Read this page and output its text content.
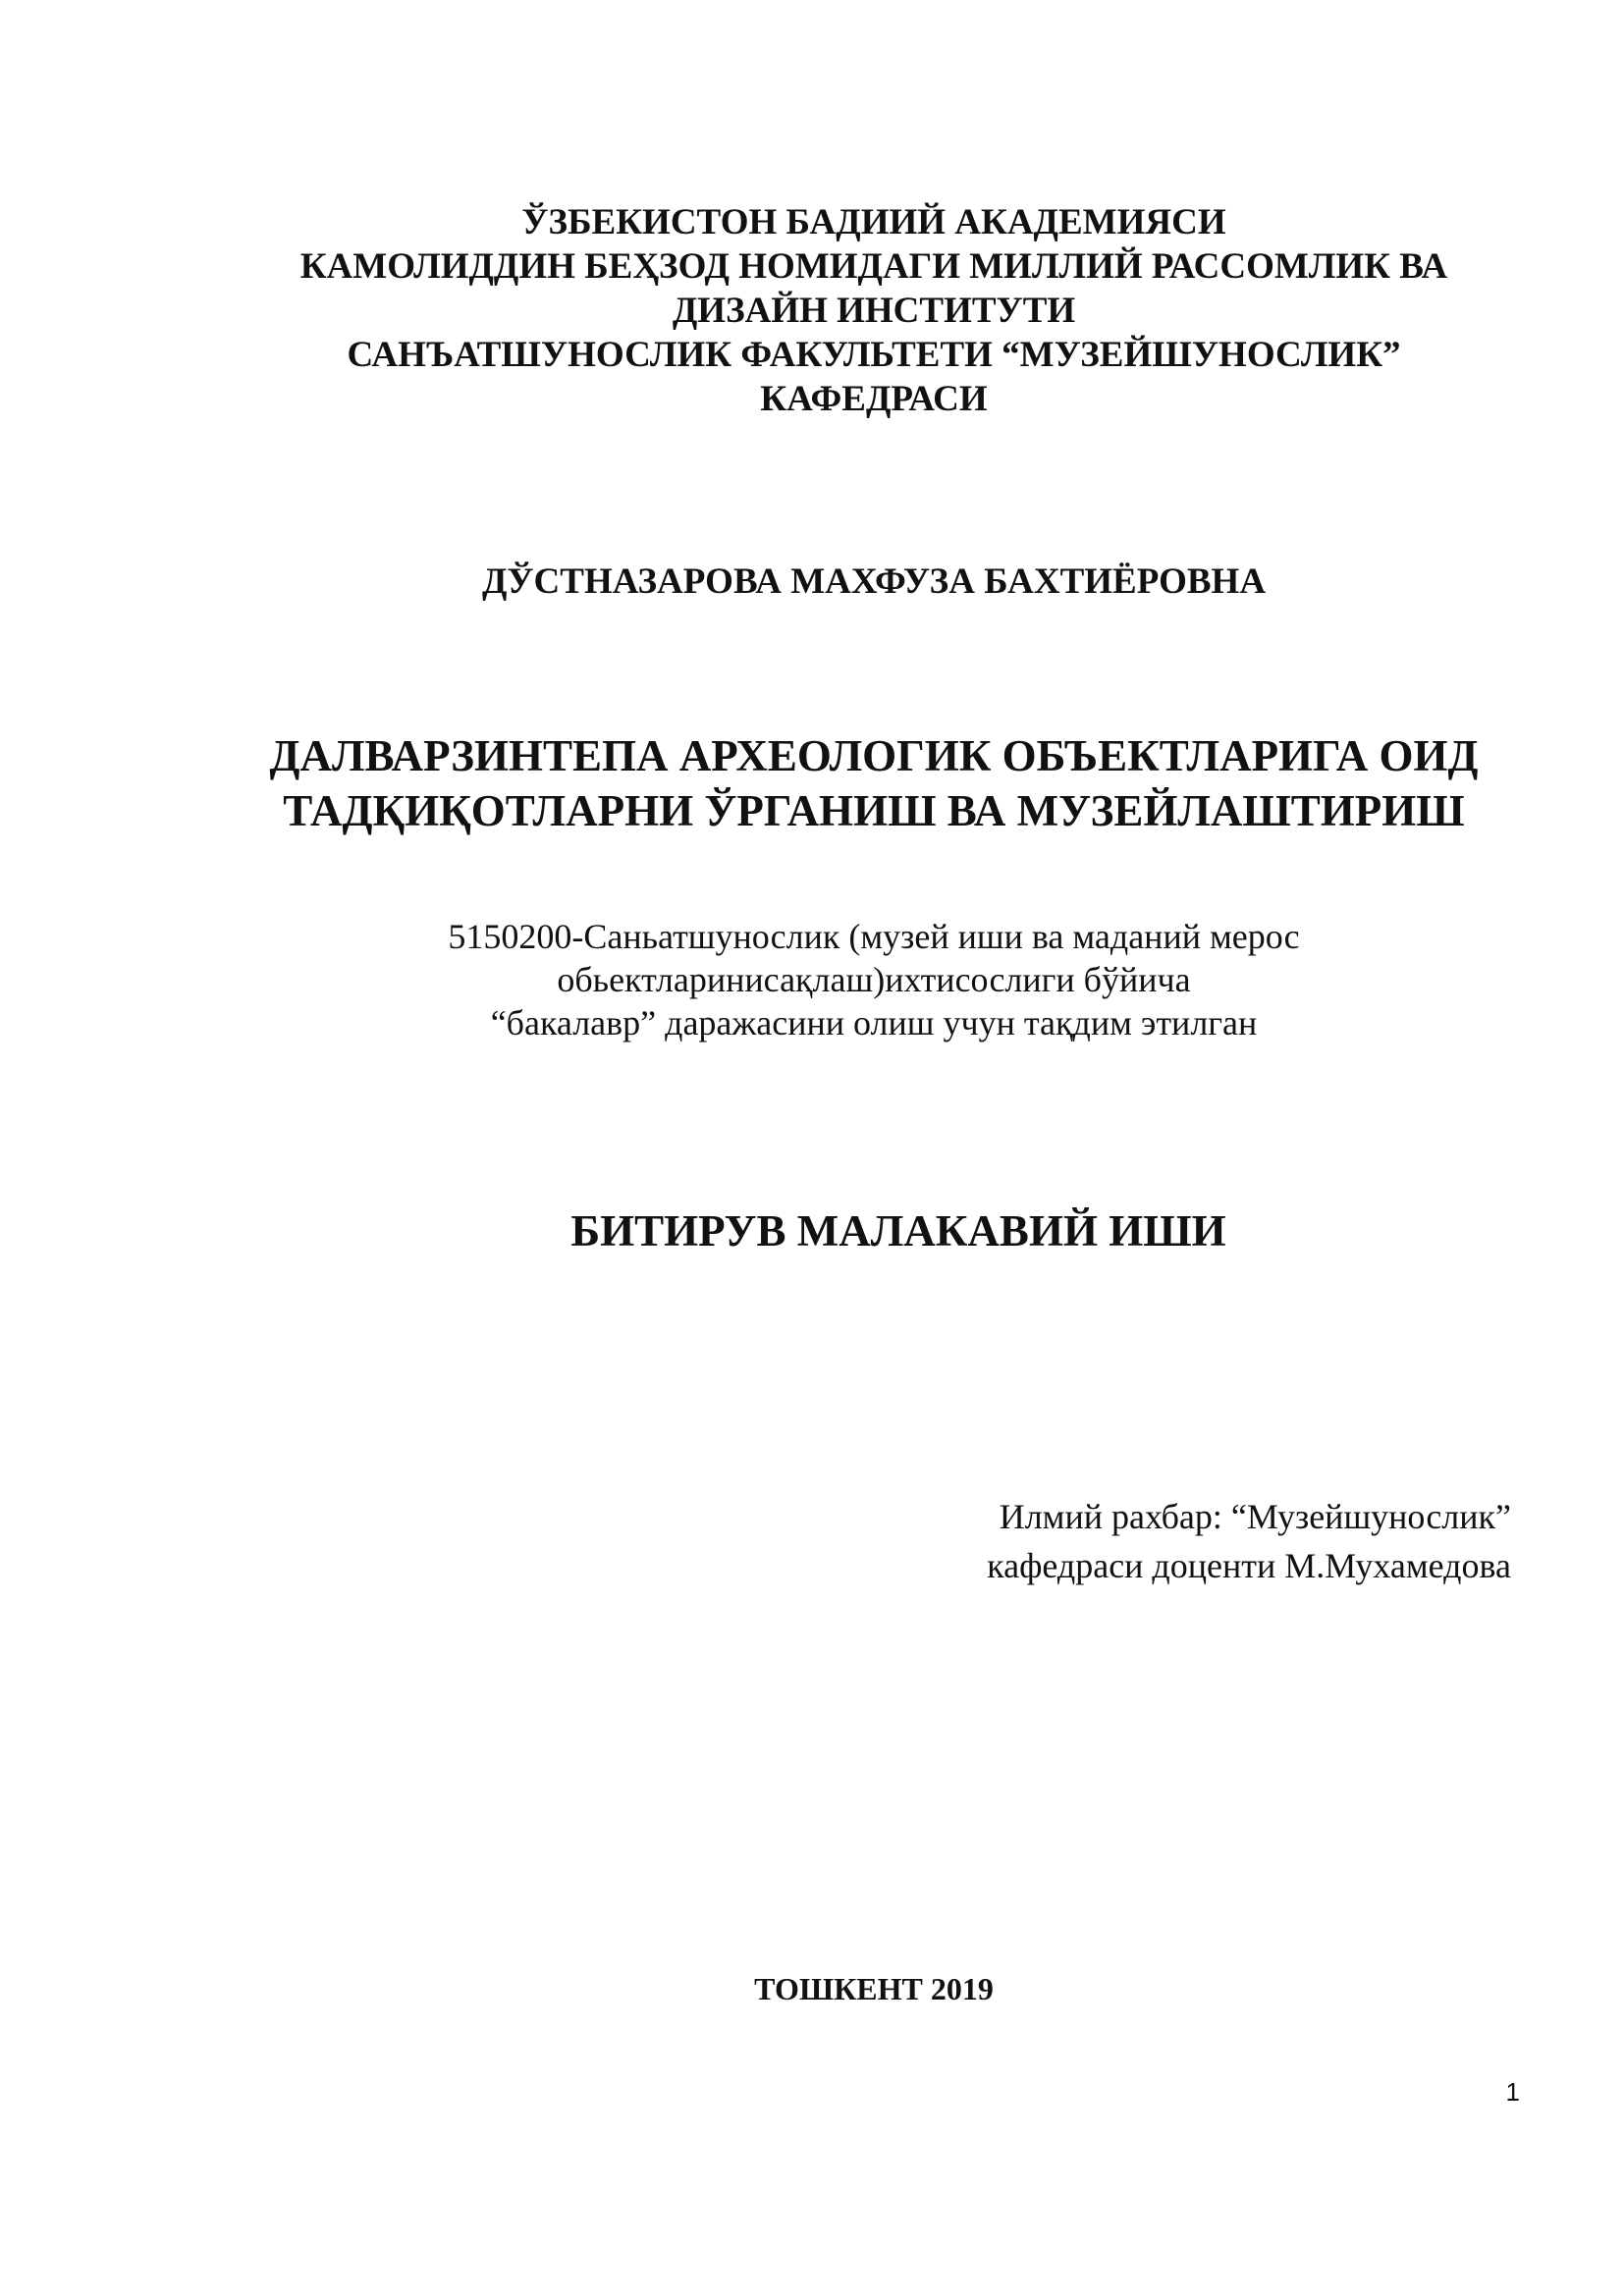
ЎЗБЕКИСТОН БАДИИЙ АКАДЕМИЯСИ
КАМОЛИДДИН БЕҲЗОД НОМИДАГИ МИЛЛИЙ РАССОМЛИК ВА
ДИЗАЙН ИНСТИТУТИ
САНЪАТШУНОСЛИК ФАКУЛЬТЕТИ “МУЗЕЙШУНОСЛИК”
КАФЕДРАСИ
ДЎСТНАЗАРОВА МАХФУЗА БАХТИЁРОВНА
ДАЛВАРЗИНТЕПА АРХЕОЛОГИК ОБЪЕКТЛАРИГА ОИД
ТАДҚИҚОТЛАРНИ ЎРГАНИШ ВА МУЗЕЙЛАШТИРИШ
5150200-Саньатшунослик (музей иши ва маданий мерос
обьектларинисақлаш)ихтисослиги бўйича
“бакалавр” даражасини олиш учун тақдим этилган
БИТИРУВ МАЛАКАВИЙ ИШИ
Илмий рахбар: “Музейшунослик”
кафедраси доценти М.Мухамедова
ТОШКЕНТ 2019
1
